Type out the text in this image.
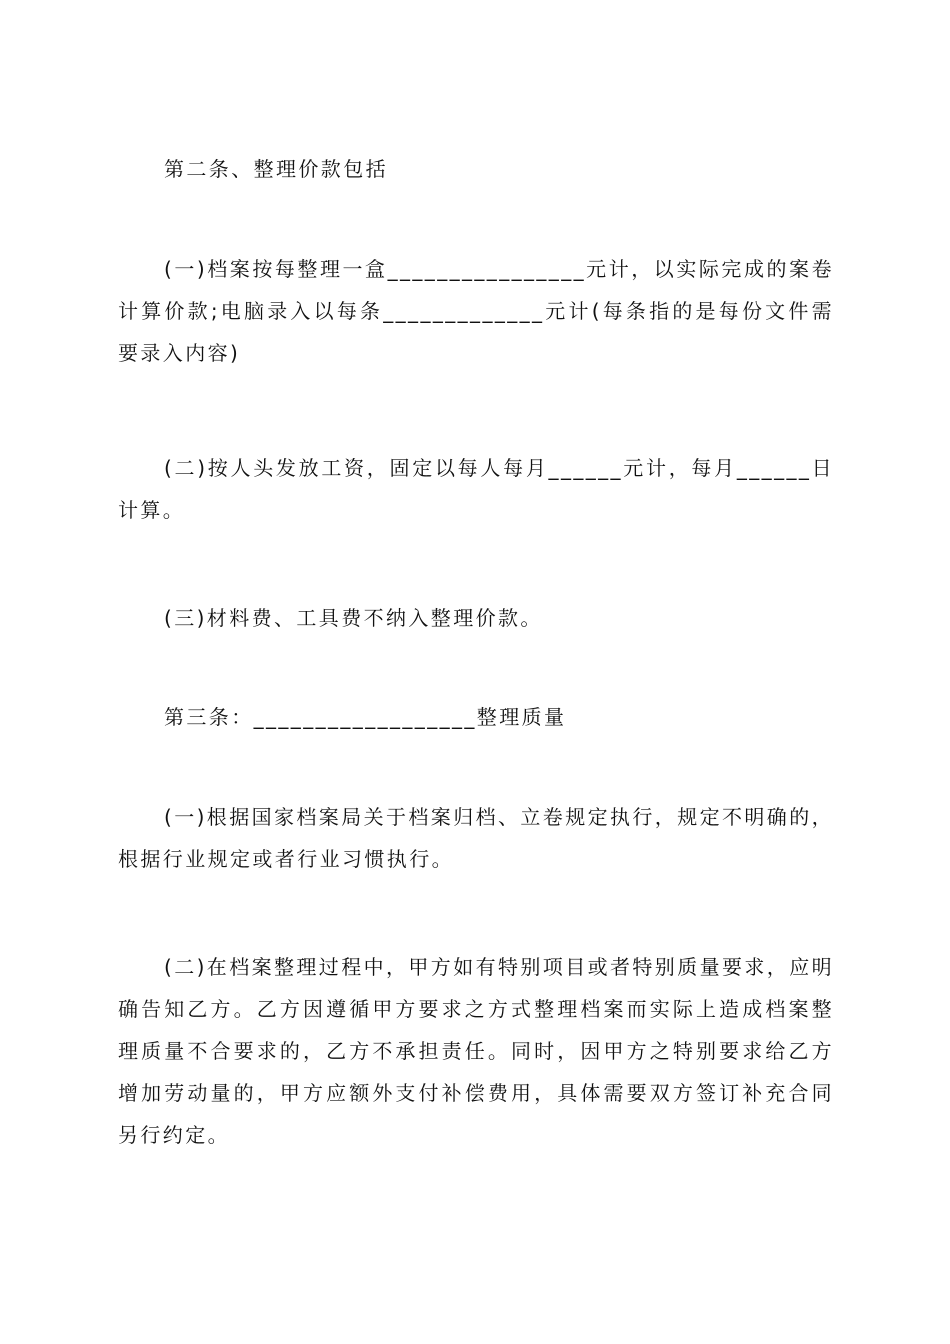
第二条、整理价款包括

(一)档案按每整理一盒________________元计，以实际完成的案卷计算价款;电脑录入以每条_____________元计(每条指的是每份文件需要录入内容)

(二)按人头发放工资，固定以每人每月______元计，每月______日计算。

(三)材料费、工具费不纳入整理价款。

第三条：__________________整理质量

(一)根据国家档案局关于档案归档、立卷规定执行，规定不明确的，根据行业规定或者行业习惯执行。

(二)在档案整理过程中，甲方如有特别项目或者特别质量要求，应明确告知乙方。乙方因遵循甲方要求之方式整理档案而实际上造成档案整理质量不合要求的，乙方不承担责任。同时，因甲方之特别要求给乙方增加劳动量的，甲方应额外支付补偿费用，具体需要双方签订补充合同另行约定。
